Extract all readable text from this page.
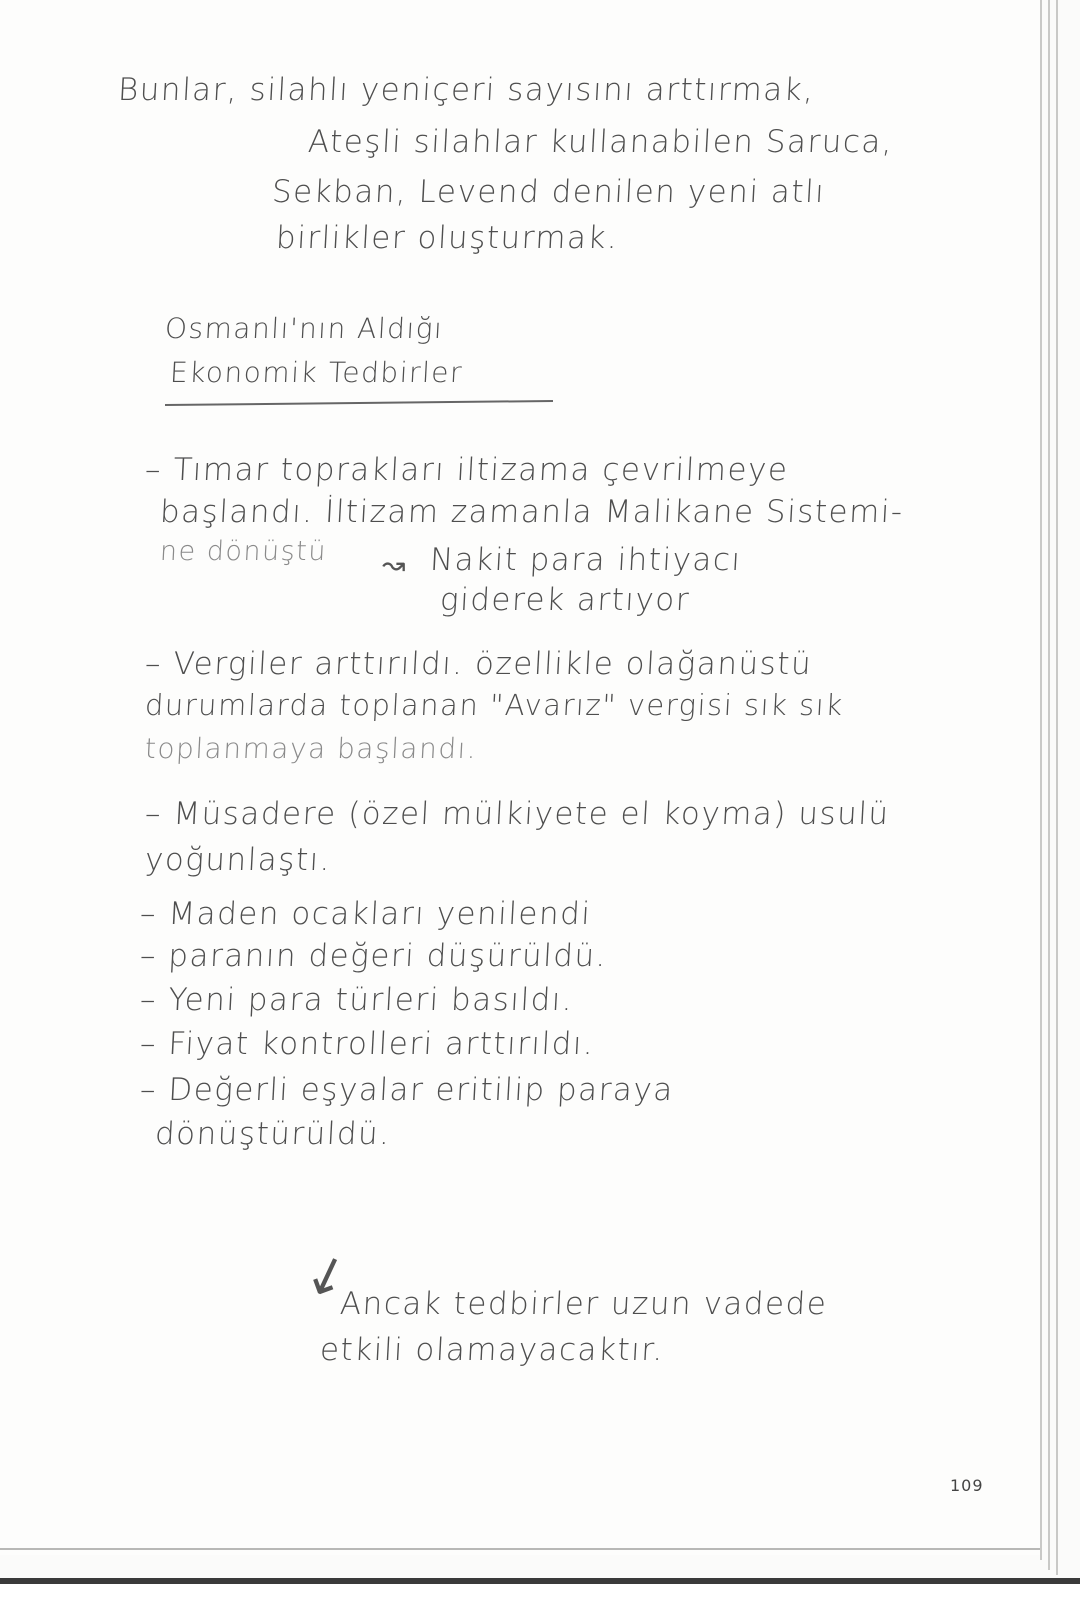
Bunlar, silahlı yeniçeri sayısını arttırmak,
Ateşli silahlar kullanabilen Saruca,
Sekban, Levend denilen yeni atlı
birlikler oluşturmak.
Osmanlı'nın Aldığı
Ekonomik Tedbirler
– Tımar toprakları iltizama çevrilmeye
başlandı. İltizam zamanla Malikane Sistemi-
ne dönüştü ↝ Nakit para ihtiyacı
giderek artıyor
– Vergiler arttırıldı. özellikle olağanüstü
durumlarda toplanan "Avarız" vergisi sık sık
toplanmaya başlandı.
– Müsadere (özel mülkiyete el koyma) usulü
yoğunlaştı.
– Maden ocakları yenilendi
– paranın değeri düşürüldü.
– Yeni para türleri basıldı.
– Fiyat kontrolleri arttırıldı.
– Değerli eşyalar eritilip paraya
dönüştürüldü.
↙
Ancak tedbirler uzun vadede
etkili olamayacaktır.
109
